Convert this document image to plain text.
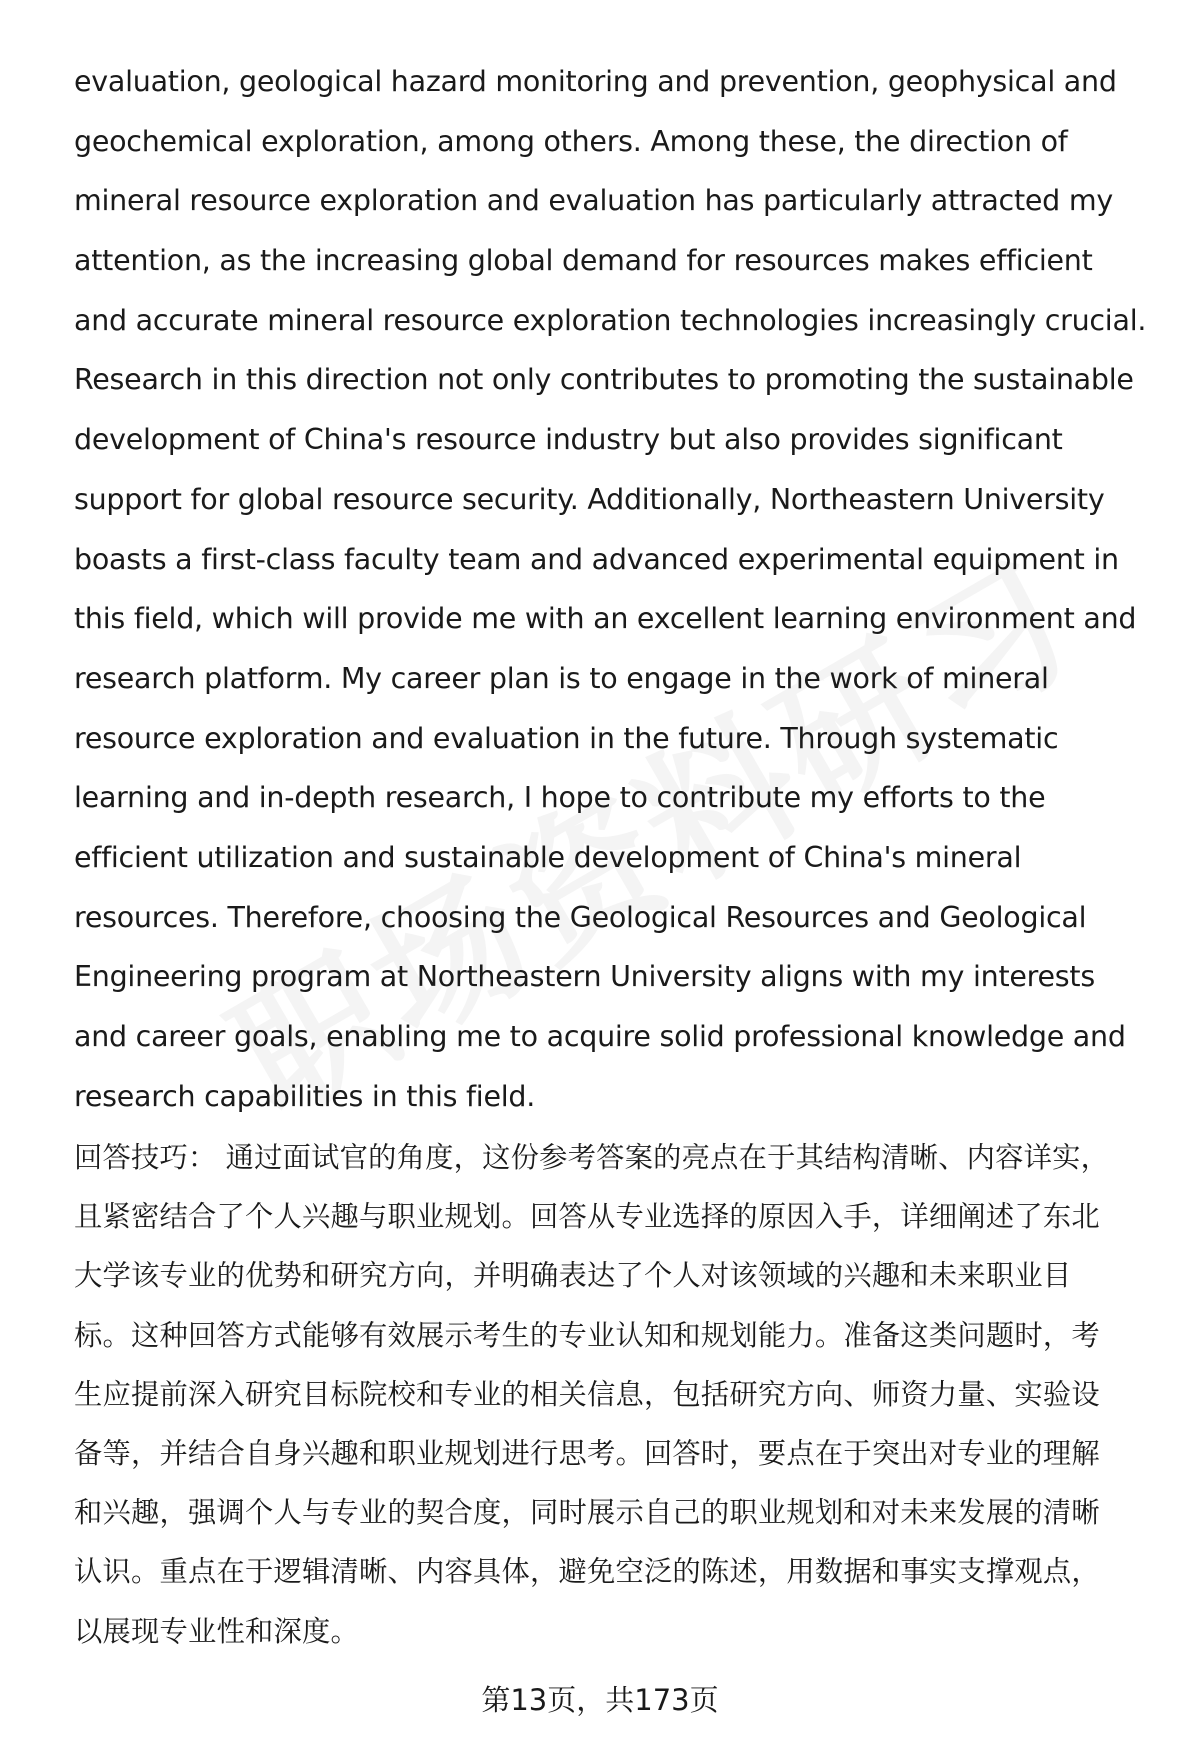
evaluation, geological hazard monitoring and prevention, geophysical and
geochemical exploration, among others. Among these, the direction of
mineral resource exploration and evaluation has particularly attracted my
attention, as the increasing global demand for resources makes efficient
and accurate mineral resource exploration technologies increasingly crucial.
Research in this direction not only contributes to promoting the sustainable
development of China's resource industry but also provides significant
support for global resource security. Additionally, Northeastern University
boasts a first-class faculty team and advanced experimental equipment in
this field, which will provide me with an excellent learning environment and
research platform. My career plan is to engage in the work of mineral
resource exploration and evaluation in the future. Through systematic
learning and in-depth research, I hope to contribute my efforts to the
efficient utilization and sustainable development of China's mineral
resources. Therefore, choosing the Geological Resources and Geological
Engineering program at Northeastern University aligns with my interests
and career goals, enabling me to acquire solid professional knowledge and
research capabilities in this field.
回答技巧： 通过面试官的角度，这份参考答案的亮点在于其结构清晰、内容详实，
且紧密结合了个人兴趣与职业规划。回答从专业选择的原因入手，详细阐述了东北
大学该专业的优势和研究方向，并明确表达了个人对该领域的兴趣和未来职业目
标。这种回答方式能够有效展示考生的专业认知和规划能力。准备这类问题时，考
生应提前深入研究目标院校和专业的相关信息，包括研究方向、师资力量、实验设
备等，并结合自身兴趣和职业规划进行思考。回答时，要点在于突出对专业的理解
和兴趣，强调个人与专业的契合度，同时展示自己的职业规划和对未来发展的清晰
认识。重点在于逻辑清晰、内容具体，避免空泛的陈述，用数据和事实支撑观点，
以展现专业性和深度。
第13页，共173页
